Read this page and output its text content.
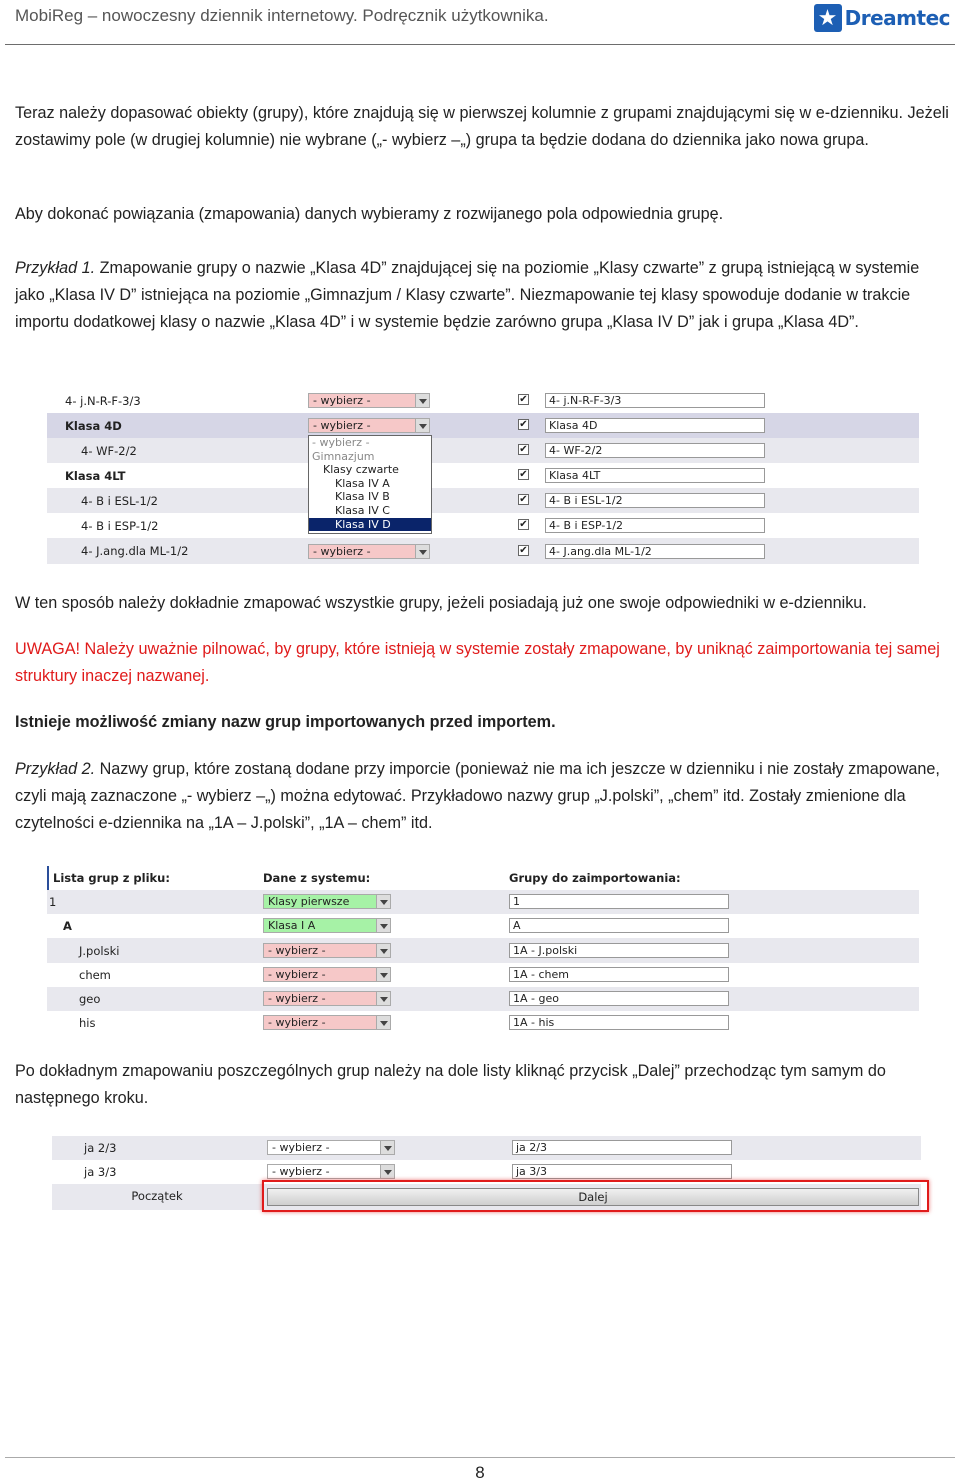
MobiReg – nowoczesny dziennik internetowy. Podręcznik użytkownika.
★	Dreamtec
Teraz należy dopasować obiekty (grupy), które znajdują się w pierwszej kolumnie z grupami znajdującymi się w e-dzienniku. Jeżeli zostawimy pole (w drugiej kolumnie) nie wybrane („- wybierz –„) grupa ta będzie dodana do dziennika jako nowa grupa.
Aby dokonać powiązania (zmapowania) danych wybieramy z rozwijanego pola odpowiednia grupę.
Przykład 1. Zmapowanie grupy o nazwie „Klasa 4D” znajdującej się na poziomie „Klasy czwarte” z grupą istniejącą w systemie jako „Klasa IV D” istniejąca na poziomie „Gimnazjum / Klasy czwarte”. Niezmapowanie tej klasy spowoduje dodanie w trakcie importu dodatkowej klasy o nazwie „Klasa 4D” i w systemie będzie zarówno grupa „Klasa IV D” jak i grupa „Klasa 4D”.
4- j.N-R-F-3/3	- wybierz -	✔	4- j.N-R-F-3/3
Klasa 4D	- wybierz -	✔	Klasa 4D
4- WF-2/2	✔	4- WF-2/2
Klasa 4LT	✔	Klasa 4LT
4- B i ESL-1/2	✔	4- B i ESL-1/2
4- B i ESP-1/2	✔	4- B i ESP-1/2
4- J.ang.dla ML-1/2	- wybierz -	✔	4- J.ang.dla ML-1/2
- wybierz -
Gimnazjum
Klasy czwarte
Klasa IV A
Klasa IV B
Klasa IV C
Klasa IV D
W ten sposób należy dokładnie zmapować wszystkie grupy, jeżeli posiadają już one swoje odpowiedniki w e-dzienniku.
UWAGA! Należy uważnie pilnować, by grupy, które istnieją w systemie zostały zmapowane, by uniknąć zaimportowania tej samej struktury inaczej nazwanej.
Istnieje możliwość zmiany nazw grup importowanych przed importem.
Przykład 2. Nazwy grup, które zostaną dodane przy imporcie (ponieważ nie ma ich jeszcze w dzienniku i nie zostały zmapowane, czyli mają zaznaczone „- wybierz –„) można edytować. Przykładowo nazwy grup „J.polski”, „chem” itd. Zostały zmienione dla czytelności e-dziennika na „1A – J.polski”, „1A – chem” itd.
Lista grup z pliku:	Dane z systemu:	Grupy do zaimportowania:
1	Klasy pierwsze	1
A	Klasa I A	A
J.polski	- wybierz -	1A - J.polski
chem	- wybierz -	1A - chem
geo	- wybierz -	1A - geo
his	- wybierz -	1A - his
Po dokładnym zmapowaniu poszczególnych grup należy na dole listy kliknąć przycisk „Dalej” przechodząc tym samym do następnego kroku.
ja 2/3	- wybierz -	ja 2/3
ja 3/3	- wybierz -	ja 3/3
Początek	Dalej
8
